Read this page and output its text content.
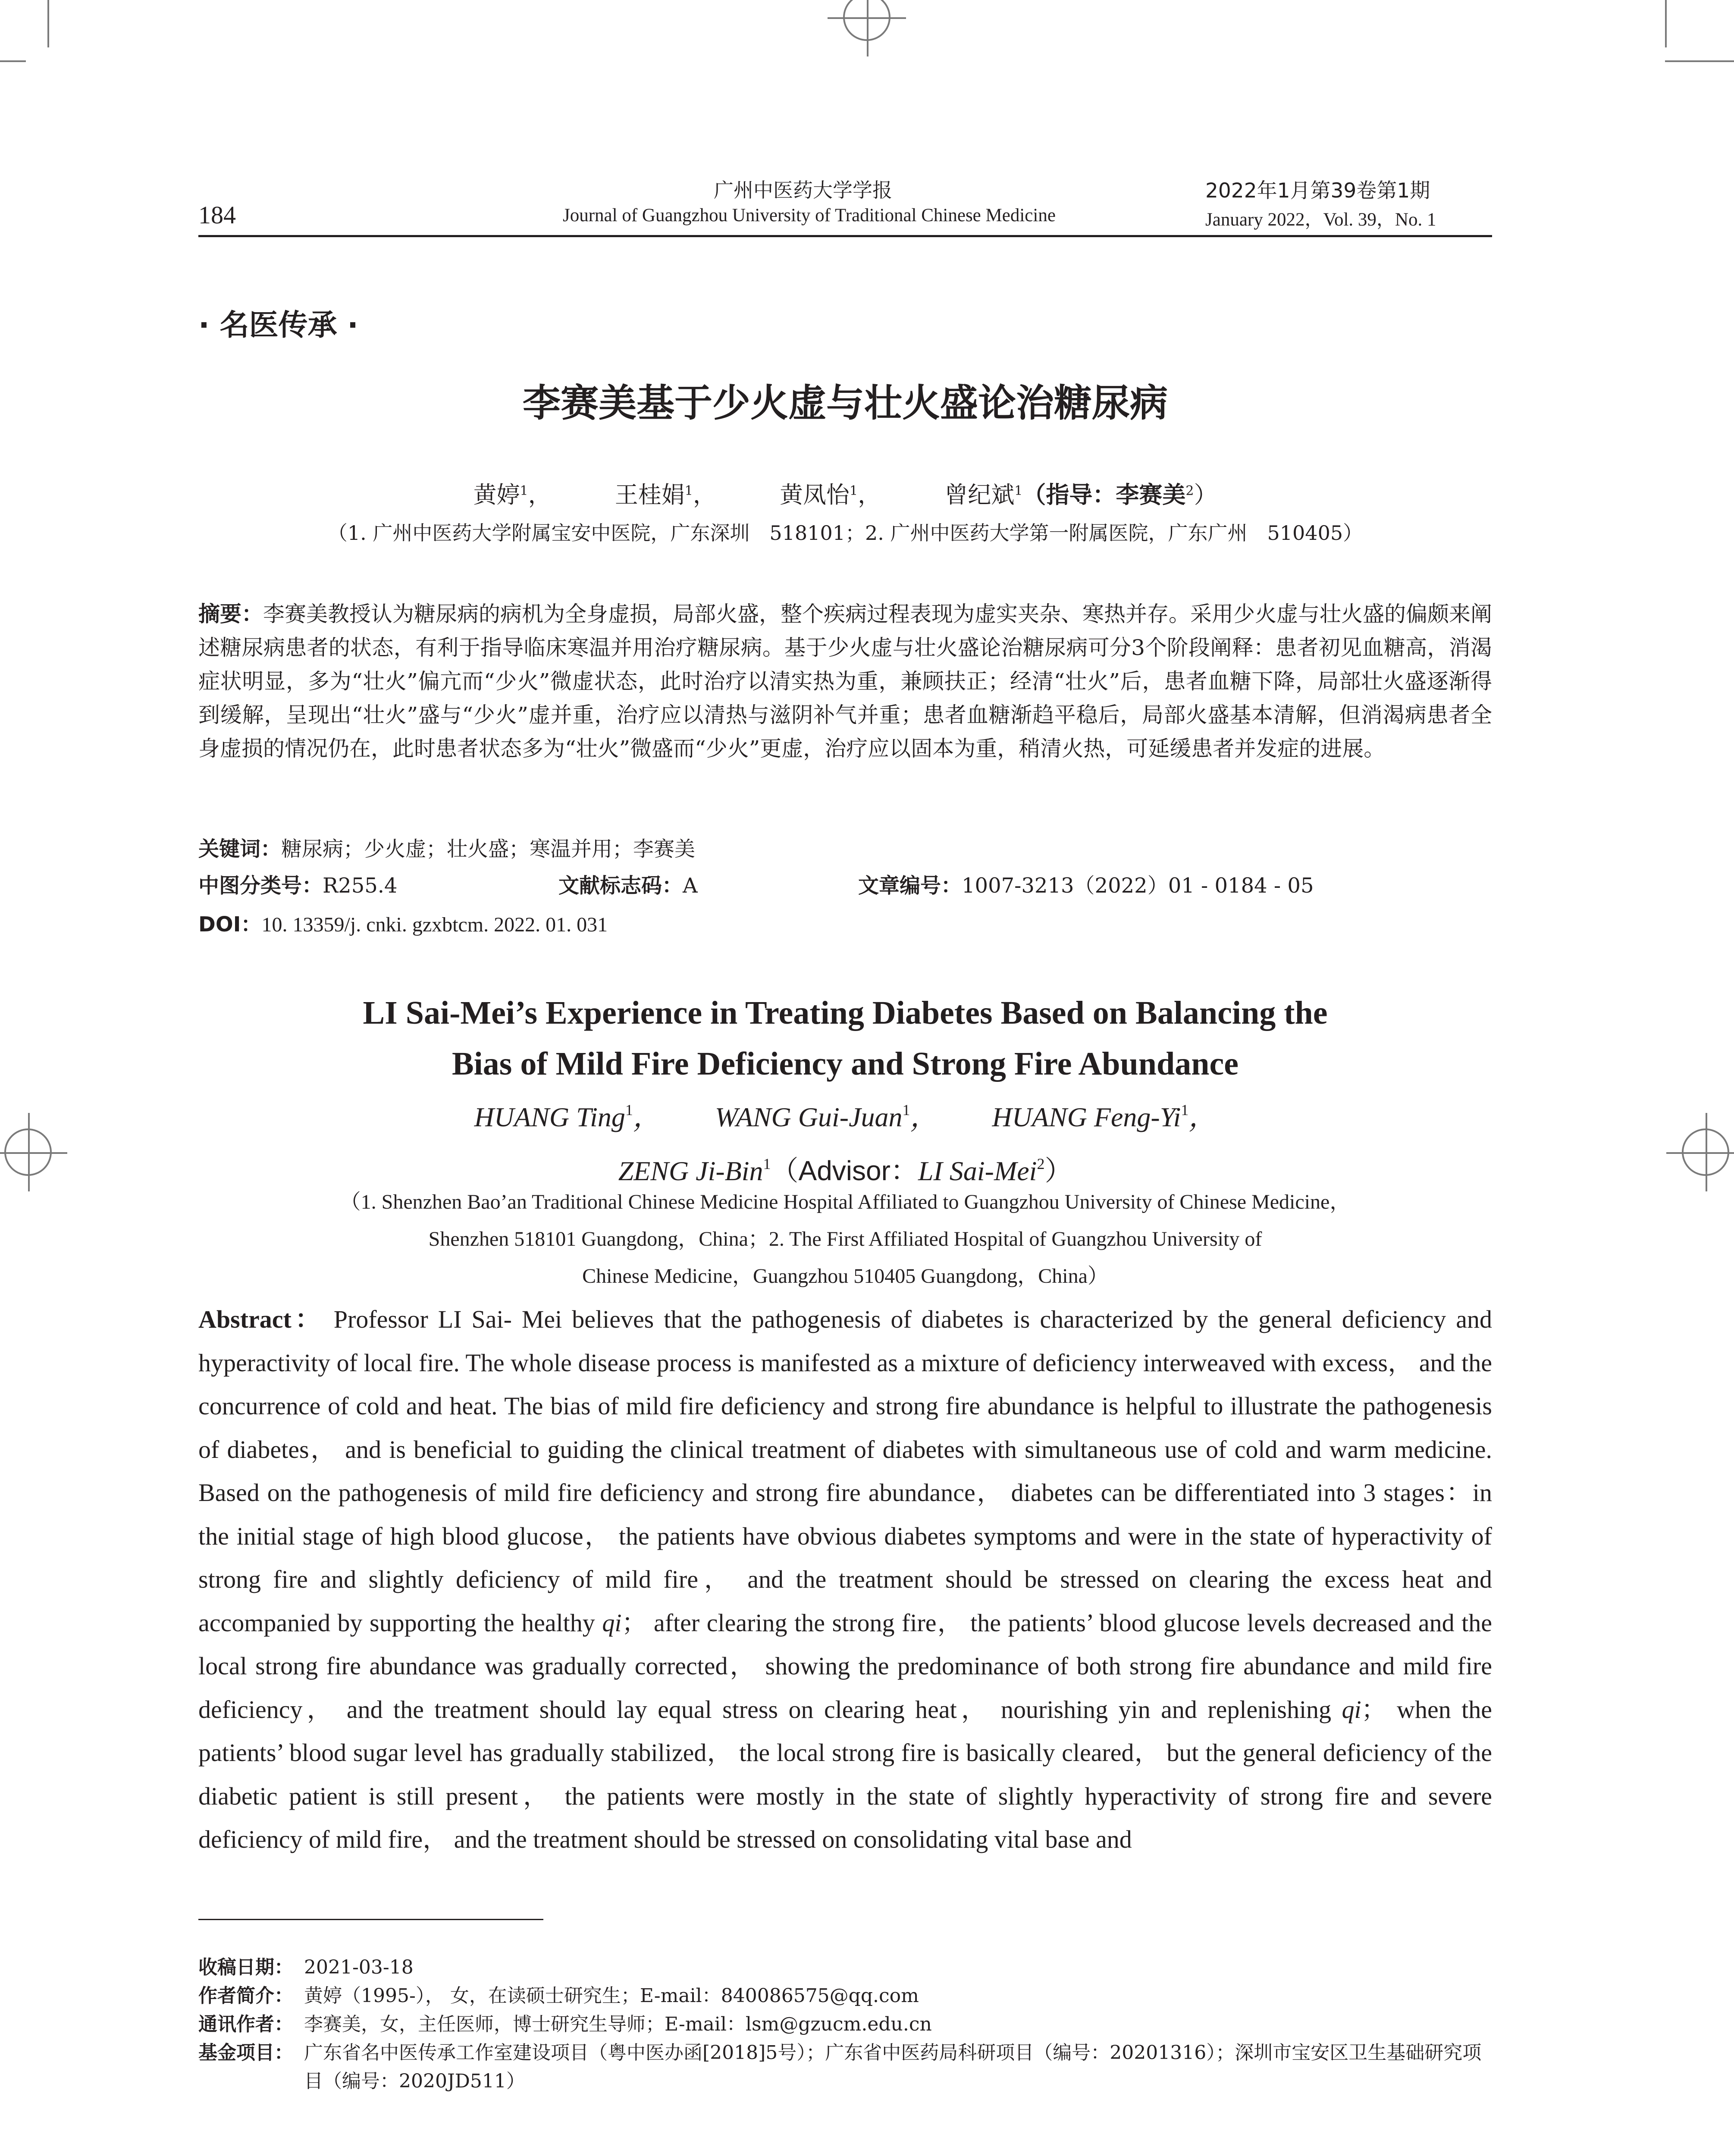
184
广州中医药大学学报
Journal of Guangzhou University of Traditional Chinese Medicine
2022年1月第39卷第1期
January 2022，Vol. 39，No. 1
· 名医传承 ·
李赛美基于少火虚与壮火盛论治糖尿病
黄婷$^1$，	王桂娟$^1$，	黄凤怡$^1$，	曾纪斌$^1$（指导：李赛美$^2$）
（1. 广州中医药大学附属宝安中医院，广东深圳　518101；2. 广州中医药大学第一附属医院，广东广州　510405）
摘要：李赛美教授认为糖尿病的病机为全身虚损，局部火盛，整个疾病过程表现为虚实夹杂、寒热并存。采用少火虚与壮火盛的偏颇来阐述糖尿病患者的状态，有利于指导临床寒温并用治疗糖尿病。基于少火虚与壮火盛论治糖尿病可分3个阶段阐释：患者初见血糖高，消渴症状明显，多为“壮火”偏亢而“少火”微虚状态，此时治疗以清实热为重，兼顾扶正；经清“壮火”后，患者血糖下降，局部壮火盛逐渐得到缓解，呈现出“壮火”盛与“少火”虚并重，治疗应以清热与滋阴补气并重；患者血糖渐趋平稳后，局部火盛基本清解，但消渴病患者全身虚损的情况仍在，此时患者状态多为“壮火”微盛而“少火”更虚，治疗应以固本为重，稍清火热，可延缓患者并发症的进展。
关键词：糖尿病；少火虚；壮火盛；寒温并用；李赛美
中图分类号：R255.4	文献标志码：A	文章编号：1007-3213（2022）01 - 0184 - 05
DOI：10. 13359/j. cnki. gzxbtcm. 2022. 01. 031
LI Sai-Mei’s Experience in Treating Diabetes Based on Balancing the
Bias of Mild Fire Deficiency and Strong Fire Abundance
HUANG Ting$^1$， WANG Gui-Juan$^1$， HUANG Feng-Yi$^1$，
ZENG Ji-Bin$^1$（Advisor：LI Sai-Mei$^2$）
（1. Shenzhen Bao’an Traditional Chinese Medicine Hospital Affiliated to Guangzhou University of Chinese Medicine，
Shenzhen 518101 Guangdong，China；2. The First Affiliated Hospital of Guangzhou University of
Chinese Medicine，Guangzhou 510405 Guangdong，China）
Abstract： Professor LI Sai- Mei believes that the pathogenesis of diabetes is characterized by the general deficiency and hyperactivity of local fire. The whole disease process is manifested as a mixture of deficiency interweaved with excess， and the concurrence of cold and heat. The bias of mild fire deficiency and strong fire abundance is helpful to illustrate the pathogenesis of diabetes， and is beneficial to guiding the clinical treatment of diabetes with simultaneous use of cold and warm medicine. Based on the pathogenesis of mild fire deficiency and strong fire abundance， diabetes can be differentiated into 3 stages：in the initial stage of high blood glucose， the patients have obvious diabetes symptoms and were in the state of hyperactivity of strong fire and slightly deficiency of mild fire， and the treatment should be stressed on clearing the excess heat and accompanied by supporting the healthy qi； after clearing the strong fire， the patients’ blood glucose levels decreased and the local strong fire abundance was gradually corrected， showing the predominance of both strong fire abundance and mild fire deficiency， and the treatment should lay equal stress on clearing heat， nourishing yin and replenishing qi； when the patients’ blood sugar level has gradually stabilized， the local strong fire is basically cleared， but the general deficiency of the diabetic patient is still present， the patients were mostly in the state of slightly hyperactivity of strong fire and severe deficiency of mild fire， and the treatment should be stressed on consolidating vital base and
收稿日期： 2021-03-18
作者简介： 黄婷（1995-）， 女，在读硕士研究生；E-mail：840086575@qq.com
通讯作者： 李赛美，女，主任医师，博士研究生导师；E-mail：lsm@gzucm.edu.cn
基金项目： 广东省名中医传承工作室建设项目（粤中医办函[2018]5号）；广东省中医药局科研项目（编号：20201316）；深圳市宝安区卫生基础研究项目（编号：2020JD511）
